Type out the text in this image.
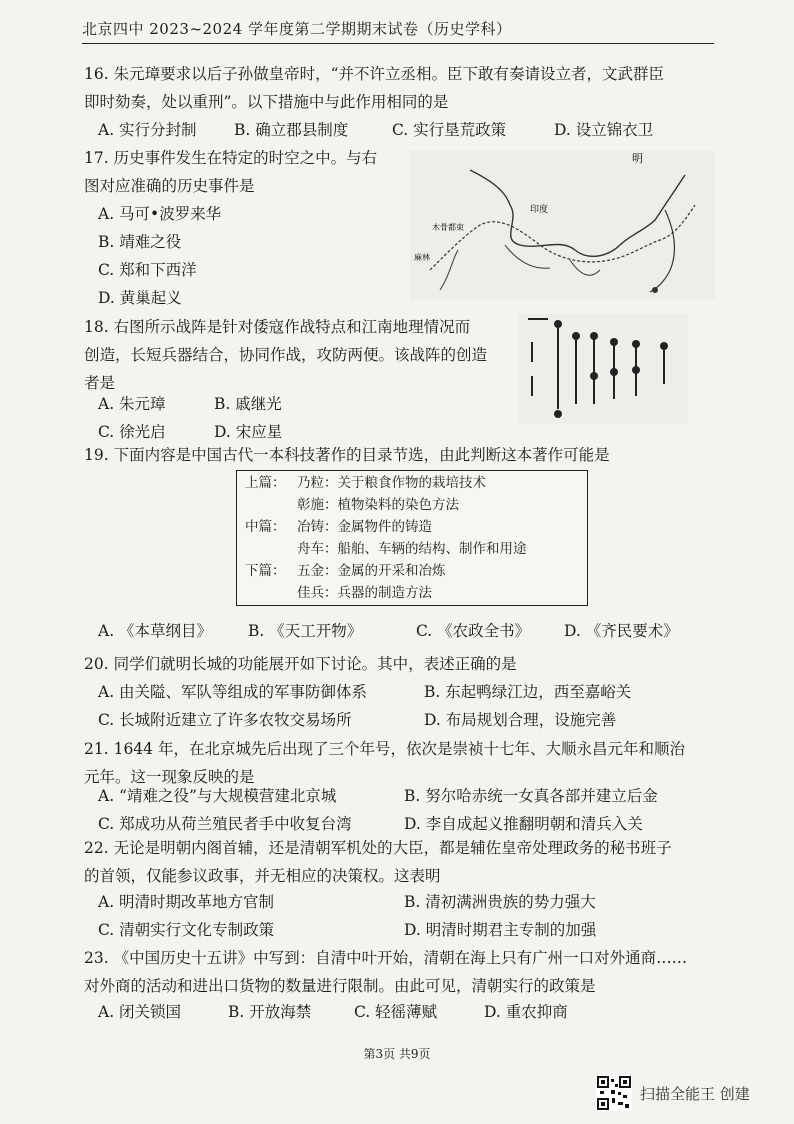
北京四中 2023~2024 学年度第二学期期末试卷（历史学科）
16. 朱元璋要求以后子孙做皇帝时，“并不许立丞相。臣下敢有奏请设立者，文武群臣
即时劾奏，处以重刑”。以下措施中与此作用相同的是
A. 实行分封制 B. 确立郡县制度	C. 实行垦荒政策	D. 设立锦衣卫
17. 历史事件发生在特定的时空之中。与右
图对应准确的历史事件是
A. 马可•波罗来华
B. 靖难之役
C. 郑和下西洋
D. 黄巢起义
明
印度
麻林
木骨都束
18. 右图所示战阵是针对倭寇作战特点和江南地理情况而
创造，长短兵器结合，协同作战，攻防两便。该战阵的创造
者是
A. 朱元璋	B. 戚继光
C. 徐光启	D. 宋应星
19. 下面内容是中国古代一本科技著作的目录节选，由此判断这本著作可能是
上篇： 乃粒：关于粮食作物的栽培技术
彰施：植物染料的染色方法
中篇： 冶铸：金属物件的铸造
舟车：船舶、车辆的结构、制作和用途
下篇： 五金：金属的开采和冶炼
佳兵：兵器的制造方法
A. 《本草纲目》 B. 《天工开物》	C. 《农政全书》 D. 《齐民要术》
20. 同学们就明长城的功能展开如下讨论。其中，表述正确的是
A. 由关隘、军队等组成的军事防御体系	B. 东起鸭绿江边，西至嘉峪关
C. 长城附近建立了许多农牧交易场所	D. 布局规划合理，设施完善
21. 1644 年，在北京城先后出现了三个年号，依次是崇祯十七年、大顺永昌元年和顺治
元年。这一现象反映的是
A. “靖难之役”与大规模营建北京城	B. 努尔哈赤统一女真各部并建立后金
C. 郑成功从荷兰殖民者手中收复台湾	D. 李自成起义推翻明朝和清兵入关
22. 无论是明朝内阁首辅，还是清朝军机处的大臣，都是辅佐皇帝处理政务的秘书班子
的首领，仅能参议政事，并无相应的决策权。这表明
A. 明清时期改革地方官制	B. 清初满洲贵族的势力强大
C. 清朝实行文化专制政策	D. 明清时期君主专制的加强
23. 《中国历史十五讲》中写到：自清中叶开始，清朝在海上只有广州一口对外通商……
对外商的活动和进出口货物的数量进行限制。由此可见，清朝实行的政策是
A. 闭关锁国	B. 开放海禁	C. 轻徭薄赋	D. 重农抑商
第3页 共9页
扫描全能王 创建
